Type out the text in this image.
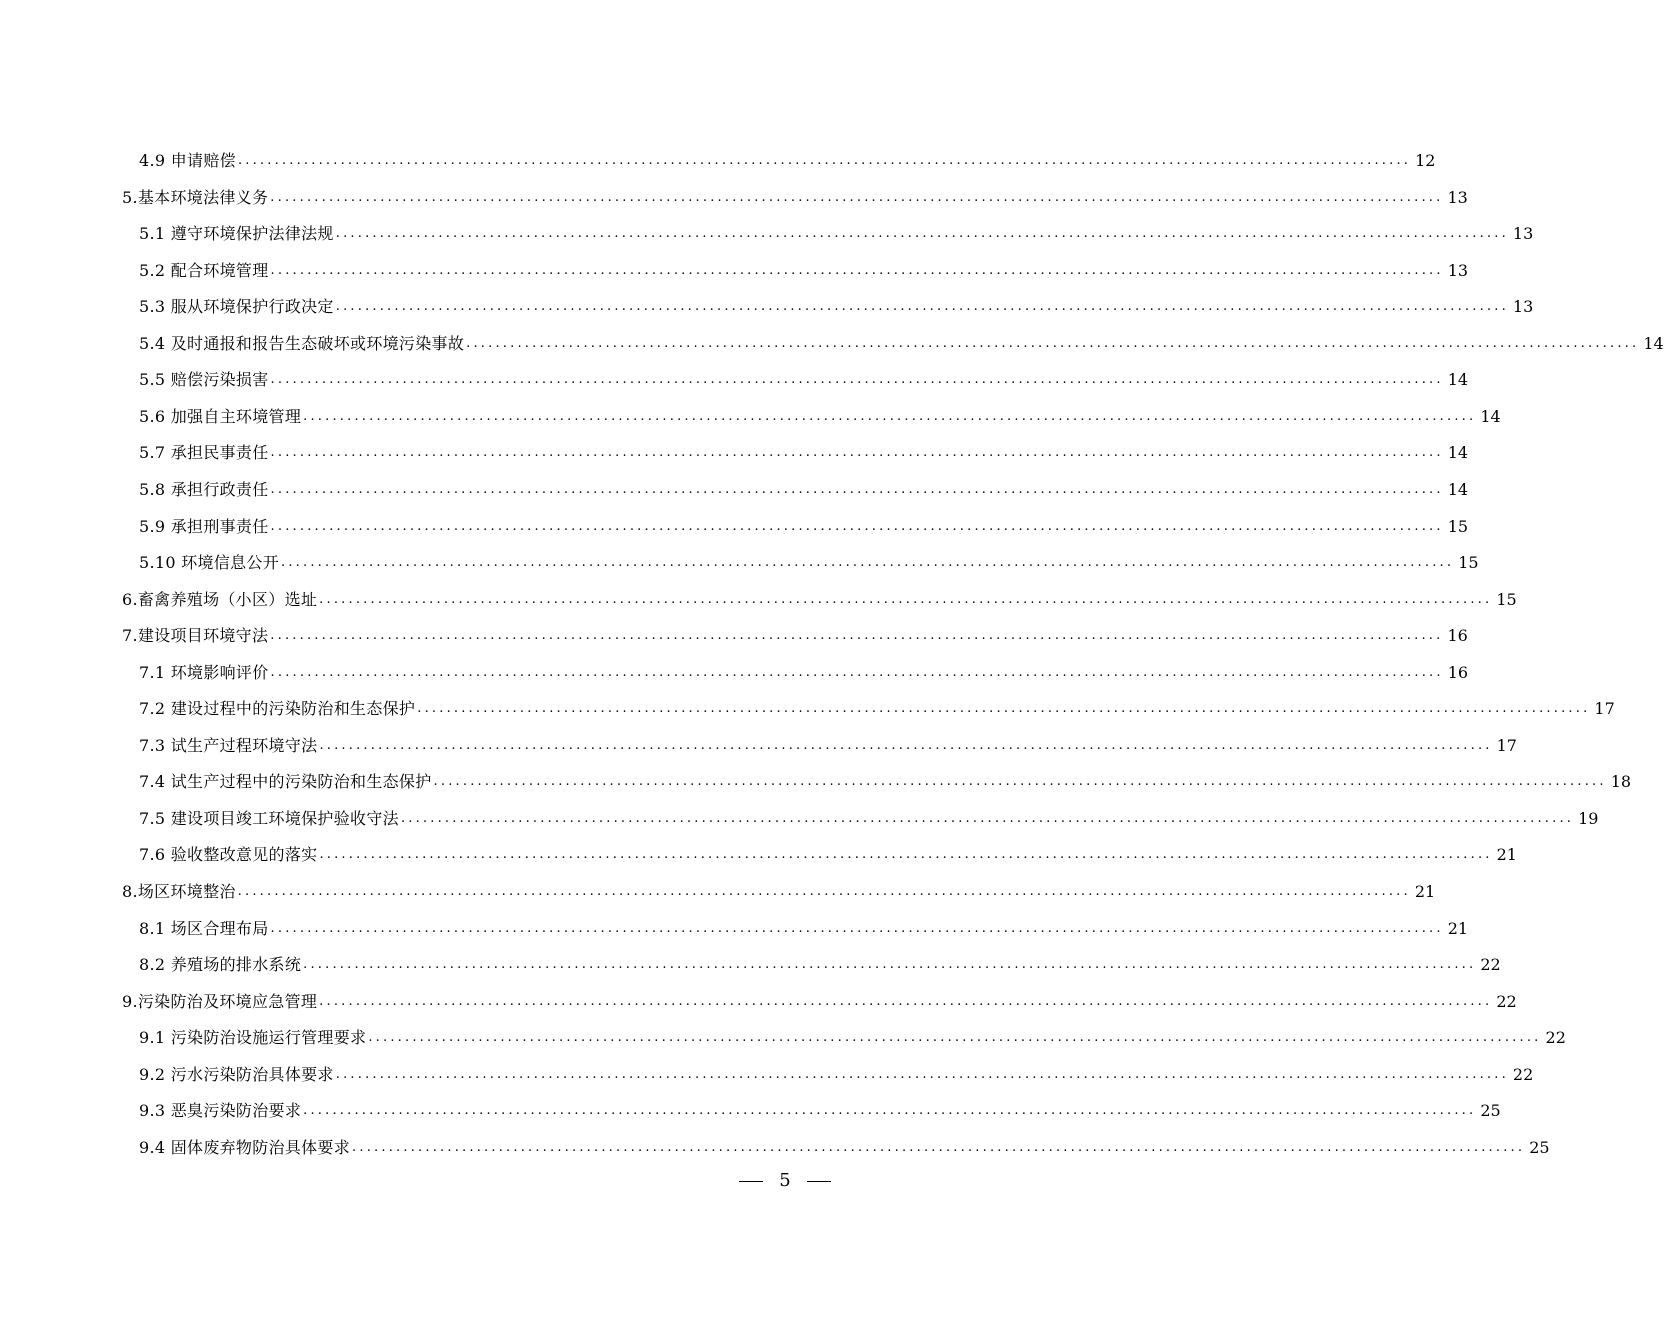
4.9 申请赔偿 ................................................................................................................................................................ 12
5.基本环境法律义务 ................................................................................................................................................................ 13
5.1 遵守环境保护法律法规 ................................................................................................................................................................ 13
5.2 配合环境管理 ................................................................................................................................................................ 13
5.3 服从环境保护行政决定 ................................................................................................................................................................ 13
5.4 及时通报和报告生态破坏或环境污染事故 ................................................................................................................................................................ 14
5.5 赔偿污染损害 ................................................................................................................................................................ 14
5.6 加强自主环境管理 ................................................................................................................................................................ 14
5.7 承担民事责任 ................................................................................................................................................................ 14
5.8 承担行政责任 ................................................................................................................................................................ 14
5.9 承担刑事责任 ................................................................................................................................................................ 15
5.10 环境信息公开 ................................................................................................................................................................ 15
6.畜禽养殖场（小区）选址 ................................................................................................................................................................ 15
7.建设项目环境守法 ................................................................................................................................................................ 16
7.1 环境影响评价 ................................................................................................................................................................ 16
7.2 建设过程中的污染防治和生态保护 ................................................................................................................................................................ 17
7.3 试生产过程环境守法 ................................................................................................................................................................ 17
7.4 试生产过程中的污染防治和生态保护 ................................................................................................................................................................ 18
7.5 建设项目竣工环境保护验收守法 ................................................................................................................................................................ 19
7.6 验收整改意见的落实 ................................................................................................................................................................ 21
8.场区环境整治 ................................................................................................................................................................ 21
8.1 场区合理布局 ................................................................................................................................................................ 21
8.2 养殖场的排水系统 ................................................................................................................................................................ 22
9.污染防治及环境应急管理 ................................................................................................................................................................ 22
9.1 污染防治设施运行管理要求 ................................................................................................................................................................ 22
9.2 污水污染防治具体要求 ................................................................................................................................................................ 22
9.3 恶臭污染防治要求 ................................................................................................................................................................ 25
9.4 固体废弃物防治具体要求 ................................................................................................................................................................ 25
5
